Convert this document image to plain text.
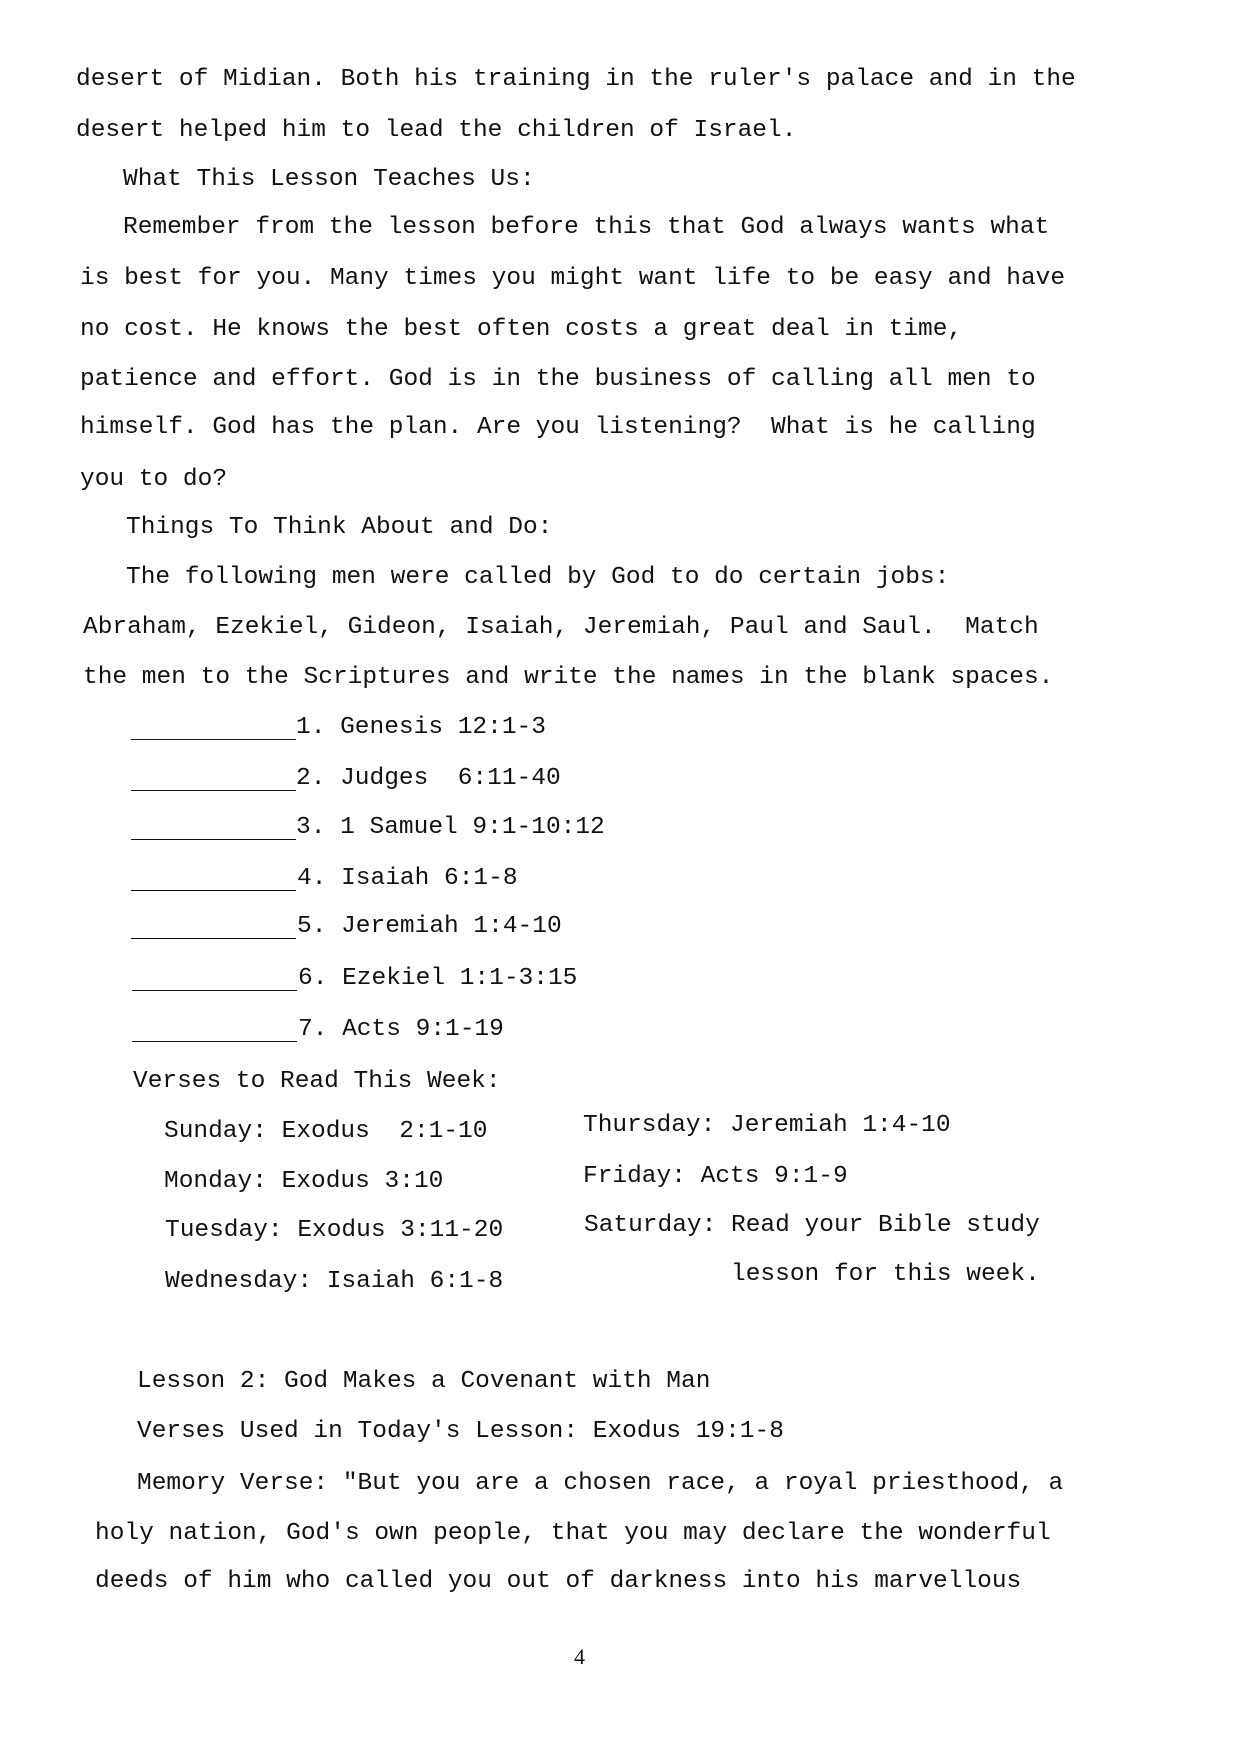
desert of Midian. Both his training in the ruler's palace and in the
desert helped him to lead the children of Israel.
What This Lesson Teaches Us:
Remember from the lesson before this that God always wants what
is best for you. Many times you might want life to be easy and have
no cost. He knows the best often costs a great deal in time,
patience and effort. God is in the business of calling all men to
himself. God has the plan. Are you listening?  What is he calling
you to do?
Things To Think About and Do:
The following men were called by God to do certain jobs:
Abraham, Ezekiel, Gideon, Isaiah, Jeremiah, Paul and Saul.  Match
the men to the Scriptures and write the names in the blank spaces.
1. Genesis 12:1-3
2. Judges  6:11-40
3. 1 Samuel 9:1-10:12
4. Isaiah 6:1-8
5. Jeremiah 1:4-10
6. Ezekiel 1:1-3:15
7. Acts 9:1-19
Verses to Read This Week:
Sunday: Exodus  2:1-10
Monday: Exodus 3:10
Tuesday: Exodus 3:11-20
Wednesday: Isaiah 6:1-8
Thursday: Jeremiah 1:4-10
Friday: Acts 9:1-9
Saturday: Read your Bible study
lesson for this week.
Lesson 2: God Makes a Covenant with Man
Verses Used in Today's Lesson: Exodus 19:1-8
Memory Verse: "But you are a chosen race, a royal priesthood, a
holy nation, God's own people, that you may declare the wonderful
deeds of him who called you out of darkness into his marvellous
4
